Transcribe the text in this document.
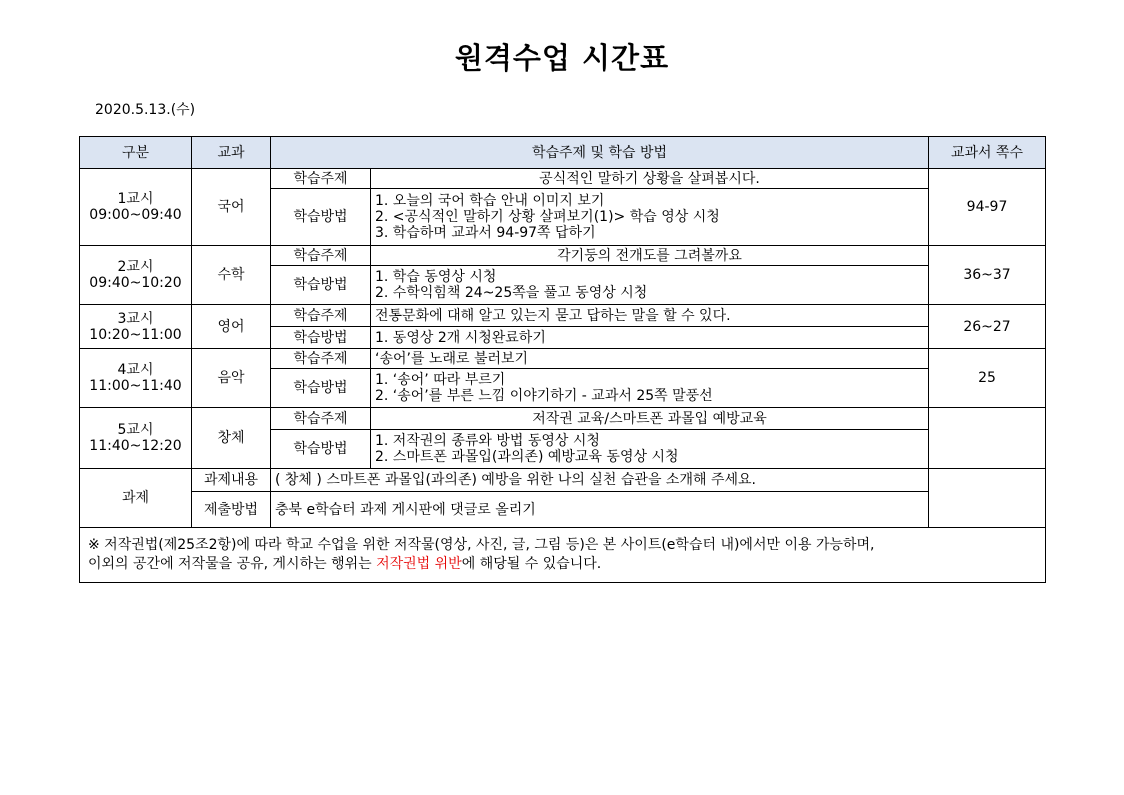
원격수업 시간표
2020.5.13.(수)
구분	교과	학습주제 및 학습 방법		교과서 쪽수

1교시
09:00~09:40	국어	학습주제	공식적인 말하기 상황을 살펴봅시다.	94-97
		학습방법	1. 오늘의 국어 학습 안내 이미지 보기
2. <공식적인 말하기 상황 살펴보기(1)> 학습 영상 시청
3. 학습하며 교과서 94-97쪽 답하기	

2교시
09:40~10:20	수학	학습주제	각기둥의 전개도를 그려볼까요	36~37
		학습방법	1. 학습 동영상 시청
2. 수학익힘책 24~25쪽을 풀고 동영상 시청	

3교시
10:20~11:00	영어	학습주제	전통문화에 대해 알고 있는지 묻고 답하는 말을 할 수 있다.	26~27
		학습방법	1. 동영상 2개 시청완료하기	

4교시
11:00~11:40	음악	학습주제	‘송어’를 노래로 불러보기	25
		학습방법	1. ‘송어’ 따라 부르기
2. ‘송어’를 부른 느낌 이야기하기 - 교과서 25쪽 말풍선	

5교시
11:40~12:20	창체	학습주제	저작권 교육/스마트폰 과몰입 예방교육	
		학습방법	1. 저작권의 종류와 방법 동영상 시청
2. 스마트폰 과몰입(과의존) 예방교육 동영상 시청	

과제	과제내용	( 창체 ) 스마트폰 과몰입(과의존) 예방을 위한 나의 실천 습관을 소개해 주세요.		
	제출방법	충북 e학습터 과제 게시판에 댓글로 올리기		

※ 저작권법(제25조2항)에 따라 학교 수업을 위한 저작물(영상, 사진, 글, 그림 등)은 본 사이트(e학습터 내)에서만 이용 가능하며,
이외의 공간에 저작물을 공유, 게시하는 행위는 저작권법 위반에 해당될 수 있습니다.				
